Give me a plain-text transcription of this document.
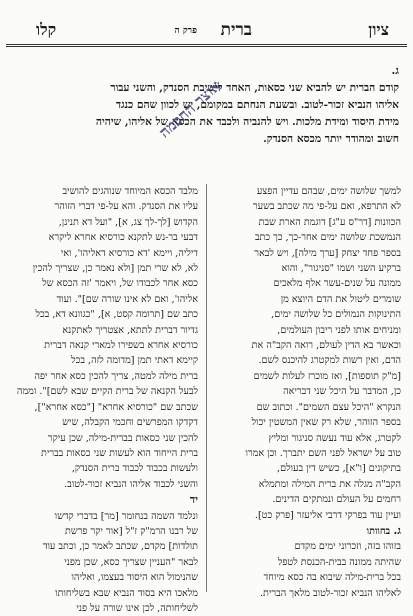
ציון
ברית
פרק ה
קלו
ג.
קודם הברית יש להביא שני כסאות, האחד לישיבת הסנדק, והשני עבור
אליהו הנביא זכור‑לטוב. ובשעת הנחתם במקומם, יש לכוון שהם כנגד
מידת היסוד ומידת מלכות. ויש להנביה ולכבד את הכסא של אליהו, שיהיה
חשוב ומהודר יותר מכסא הסנדק.
אוצר החכמה
למשך שלושה ימים, שבהם עדיין הפצע
לא התרפא, ואם על‑פי מה שכתב בשער
הכוונות [דר"ס ע"ג] דוגמת הארת שבת
הנמשכת שלושה ימים אחר‑כך, כך כתב
בספר פחד יצחק [ערך מילה], ויש לבאר
ברקיע השני ושמו "סניגור", והוא
ממונה על שנים‑עשר אלף מלאכים
שומרים ליטול את הדם היוצא מן
התינוקות הנמולים כל שלושה ימים,
ומניחים אותו לפני ריבון העולמים,
וכאשר בא הדין לעולם, רואה הקב"ה את
הדם, ואין רשות למקטרג להיכנס לשם.
[מ"ק תוספות], ואז מוכרז לעלות לשמים
כן, המדבר על היכל שני דבריאה
הנקרא "היכל עצם השמים". וכתוב שם
בספר הזוהר, שלא רק שאין המשטין יכול
לקטרג, אלא עוד נעשה סניגור ומליץ
טוב על ישראל לפני השם יתברך. וכן אמרו
בתיקונים [ו"א], כשיש דין בעולם,
הקב"ה מגלה את ברית המילה ומתמלא
רחמים על העולם ונמתקים הדינים.
ועיין עוד בפרקי דרבי אליעזר [פרק כט].
ג. בחוותו
בזוהו בזה, וזכרוני ימים מקדם
שהיתה ממונה בבית‑הכנסת לטפל
בכל ברית‑מילה שיבוא בה כסא מיוחד
לאליהו הנביא זכור‑לטוב מלאך הברית.
מלבד הכסא המיוחד שנוהגים להושיב
עליו את הסנדק. והא על‑פי דברי הזוהר
הקדוש [לך‑לך צג, א], "ועל דא תנינן,
דבעי בר‑נש לתקנא כורסיא אחרא ליקרא
דיליה, ויימא 'דא כורסיא דאליהו', ואי
לא, לא שרי תמן [ולא נאמר כן, שצריך להכין
כסא אחר לכבודו של, ויאמר 'זה הכסא של
אליהו', ואם לא אינו שורה שם]". ועוד
כתב שם [תרומה קסט, א], "כגוונא דא, בכל
גדיור דברית לתתא, אצטריך לאתקנא
כורסיא אחרא בשפירו למארי קנאה דברית
קיימא דאתי תמן [מדומה לזה, בכל
ברית מילה למטה, צריך להכין כסא אחר יפה
לבעל הקנאה של ברית הקיים שבא לשם]". וממה
שכתב שם "כורסיא אחרא" ["כסא אחרא"],
דקדקו המפרשים וחכמי הקבלה, שיש
להכין שני כסאות בברית‑מילה, שכן עיקר
ברית הייחוד הוא לעשות שני כסאות בברית
ולעשות בכבוד לכבוד ברית הסנדק,
והשני לכבוד אליהו הנביא זכור‑לטוב.
יד
ונלמד השמה בנחומר [מר] בדברי קדשו
של רבנו הרמ"ק ז"ל [אור יקר פרשת
תולדות] מקדם, שכתב לאמר כן, וכתב עוד
לבאר "העניין שצריך כסא, שכן מפני
שהנימול הוא היסוד בעצמו, ואליהו
מלאכו היא בסוד הנביא שבא בשליחותו
לשליחותה, לכן אינו שורה על פני
